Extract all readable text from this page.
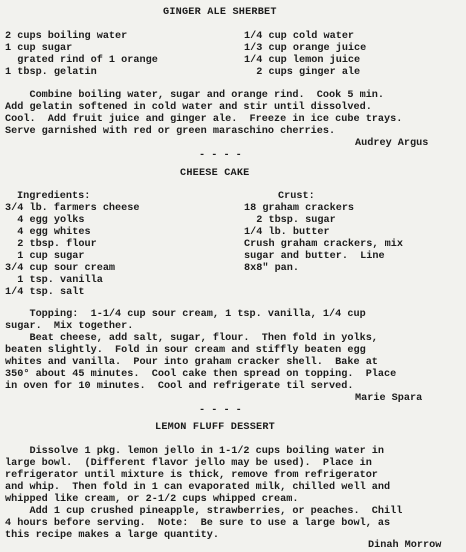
GINGER ALE SHERBET
2 cups boiling water
1 cup sugar
grated rind of 1 orange
1 tbsp. gelatin
1/4 cup cold water
1/3 cup orange juice
1/4 cup lemon juice
2 cups ginger ale
Combine boiling water, sugar and orange rind.  Cook 5 min.
Add gelatin softened in cold water and stir until dissolved.
Cool.  Add fruit juice and ginger ale.  Freeze in ice cube trays.
Serve garnished with red or green maraschino cherries.
Audrey Argus
- - - -
CHEESE CAKE
Ingredients:
3/4 lb. farmers cheese
4 egg yolks
4 egg whites
2 tbsp. flour
1 cup sugar
3/4 cup sour cream
1 tsp. vanilla
1/4 tsp. salt
Crust:
18 graham crackers
2 tbsp. sugar
1/4 lb. butter
Crush graham crackers, mix
sugar and butter.  Line
8x8" pan.
Topping:  1-1/4 cup sour cream, 1 tsp. vanilla, 1/4 cup
sugar.  Mix together.
Beat cheese, add salt, sugar, flour.  Then fold in yolks,
beaten slightly.  Fold in sour cream and stiffly beaten egg
whites and vanilla.  Pour into graham cracker shell.  Bake at
350° about 45 minutes.  Cool cake then spread on topping.  Place
in oven for 10 minutes.  Cool and refrigerate til served.
Marie Spara
- - - -
LEMON FLUFF DESSERT
Dissolve 1 pkg. lemon jello in 1-1/2 cups boiling water in
large bowl.  (Different flavor jello may be used).  Place in
refrigerator until mixture is thick, remove from refrigerator
and whip.  Then fold in 1 can evaporated milk, chilled well and
whipped like cream, or 2-1/2 cups whipped cream.
Add 1 cup crushed pineapple, strawberries, or peaches.  Chill
4 hours before serving.  Note:  Be sure to use a large bowl, as
this recipe makes a large quantity.
Dinah Morrow
